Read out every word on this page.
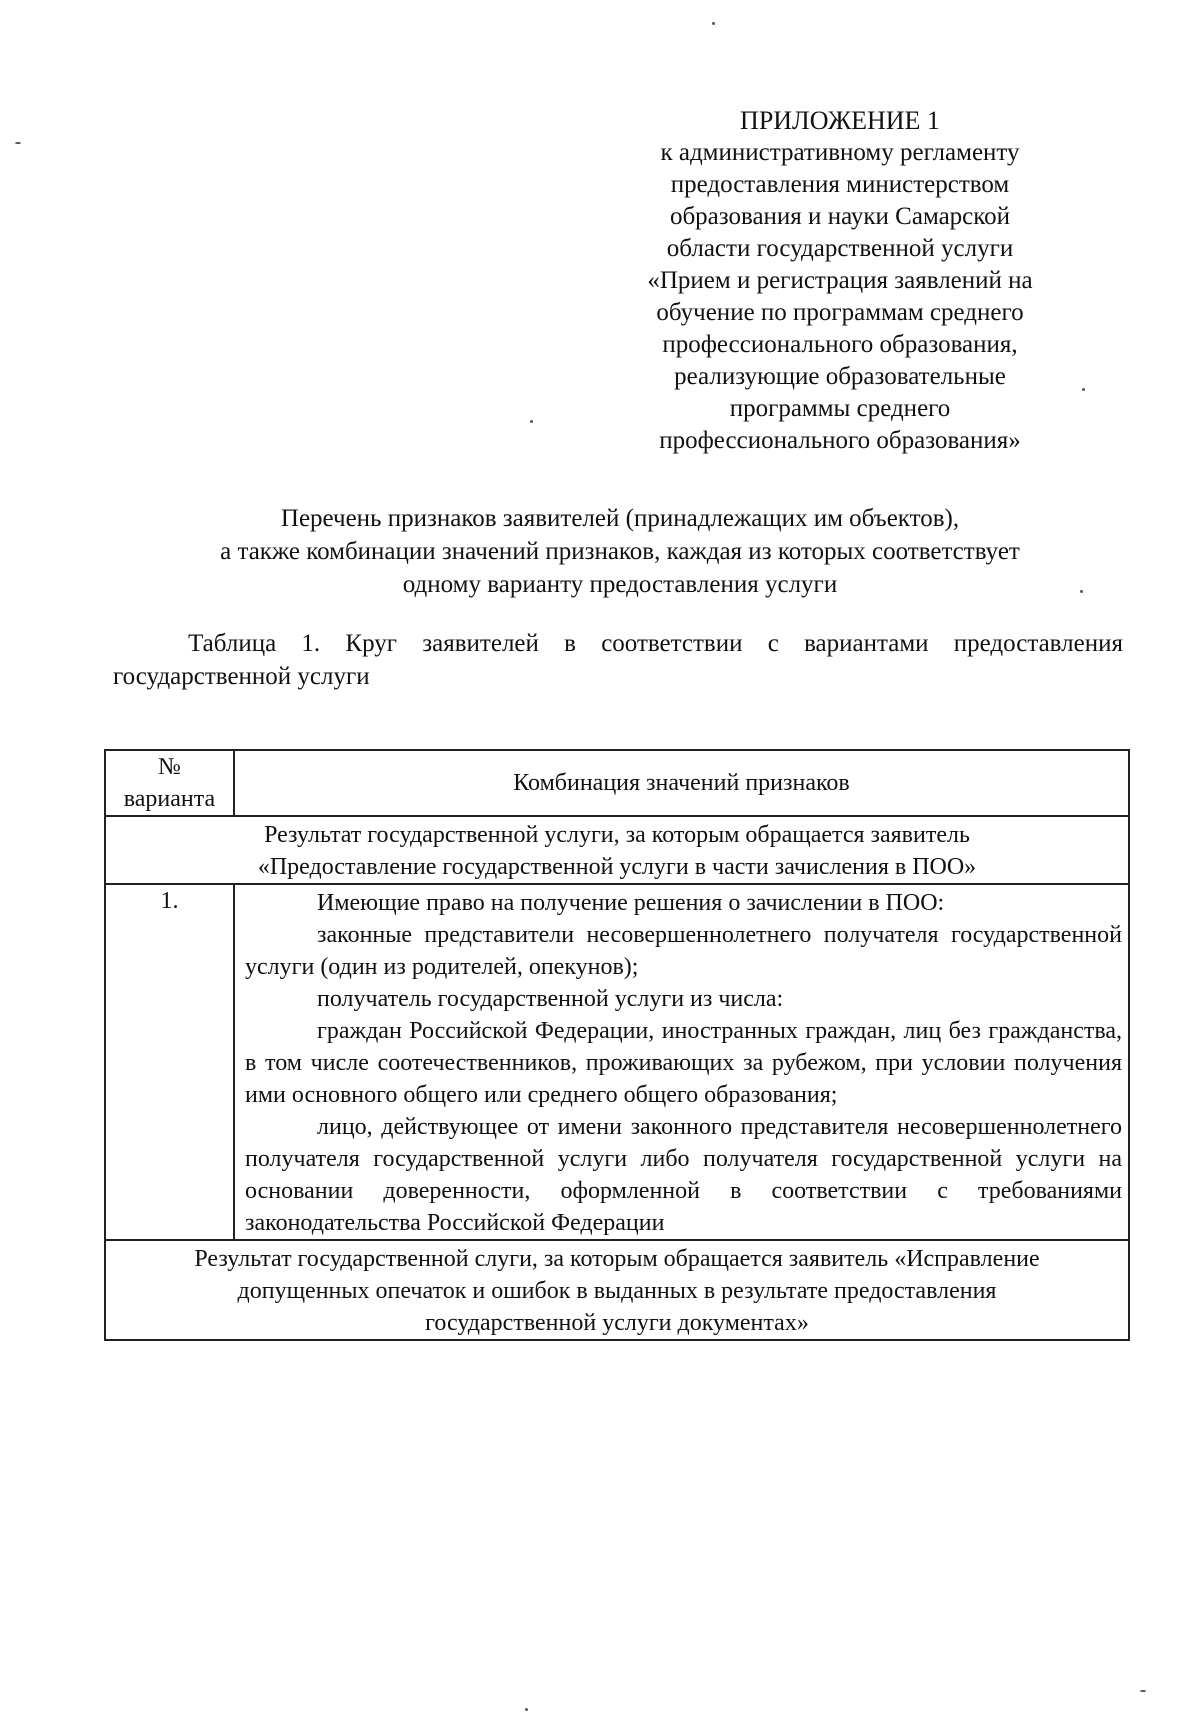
ПРИЛОЖЕНИЕ 1
к административному регламенту
предоставления министерством
образования и науки Самарской
области государственной услуги
«Прием и регистрация заявлений на
обучение по программам среднего
профессионального образования,
реализующие образовательные
программы среднего
профессионального образования»
Перечень признаков заявителей (принадлежащих им объектов),
а также комбинации значений признаков, каждая из которых соответствует
одному варианту предоставления услуги
Таблица 1. Круг заявителей в соответствии с вариантами предоставления
государственной услуги
№
варианта	Комбинация значений признаков

Результат государственной услуги, за которым обращается заявитель
«Предоставление государственной услуги в части зачисления в ПОО»	

1.	Имеющие право на получение решения о зачислении в ПОО:
законные представители несовершеннолетнего получателя государственной услуги (один из родителей, опекунов);
получатель государственной услуги из числа:
граждан Российской Федерации, иностранных граждан, лиц без гражданства, в том числе соотечественников, проживающих за рубежом, при условии получения ими основного общего или среднего общего образования;
лицо, действующее от имени законного представителя несовершеннолетнего получателя государственной услуги либо получателя государственной услуги на основании доверенности, оформленной в соответствии с требованиями законодательства Российской Федерации

Результат государственной слуги, за которым обращается заявитель «Исправление
допущенных опечаток и ошибок в выданных в результате предоставления
государственной услуги документах»	
